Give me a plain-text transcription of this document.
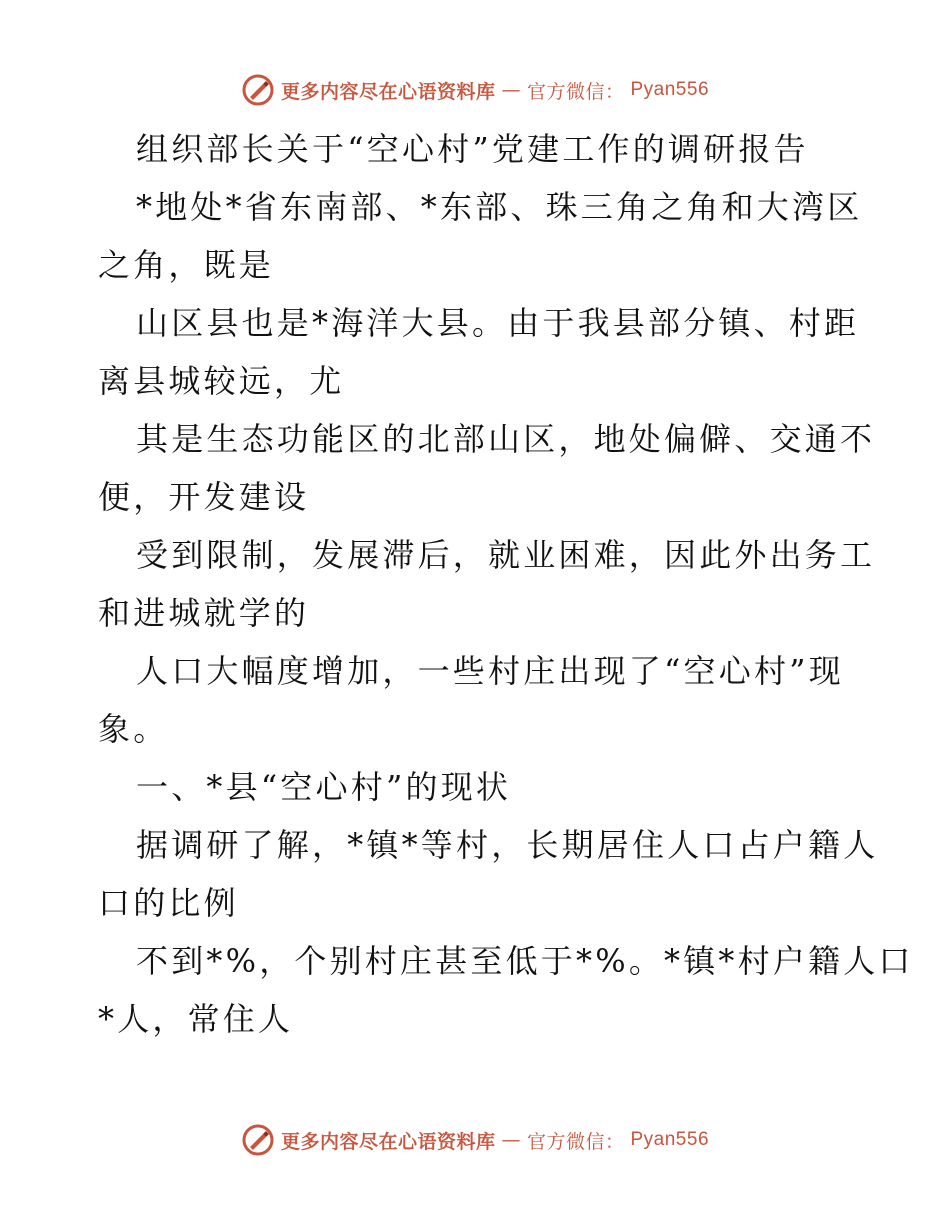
更多内容尽在心语资料库 — 官方微信： Pyan556
组织部长关于“空心村”党建工作的调研报告
*地处*省东南部、*东部、珠三角之角和大湾区
之角，既是
山区县也是*海洋大县。由于我县部分镇、村距
离县城较远，尤
其是生态功能区的北部山区，地处偏僻、交通不
便，开发建设
受到限制，发展滞后，就业困难，因此外出务工
和进城就学的
人口大幅度增加，一些村庄出现了“空心村”现
象。
一、*县“空心村”的现状
据调研了解，*镇*等村，长期居住人口占户籍人
口的比例
不到*%，个别村庄甚至低于*%。*镇*村户籍人口
*人，常住人
更多内容尽在心语资料库 — 官方微信： Pyan556
